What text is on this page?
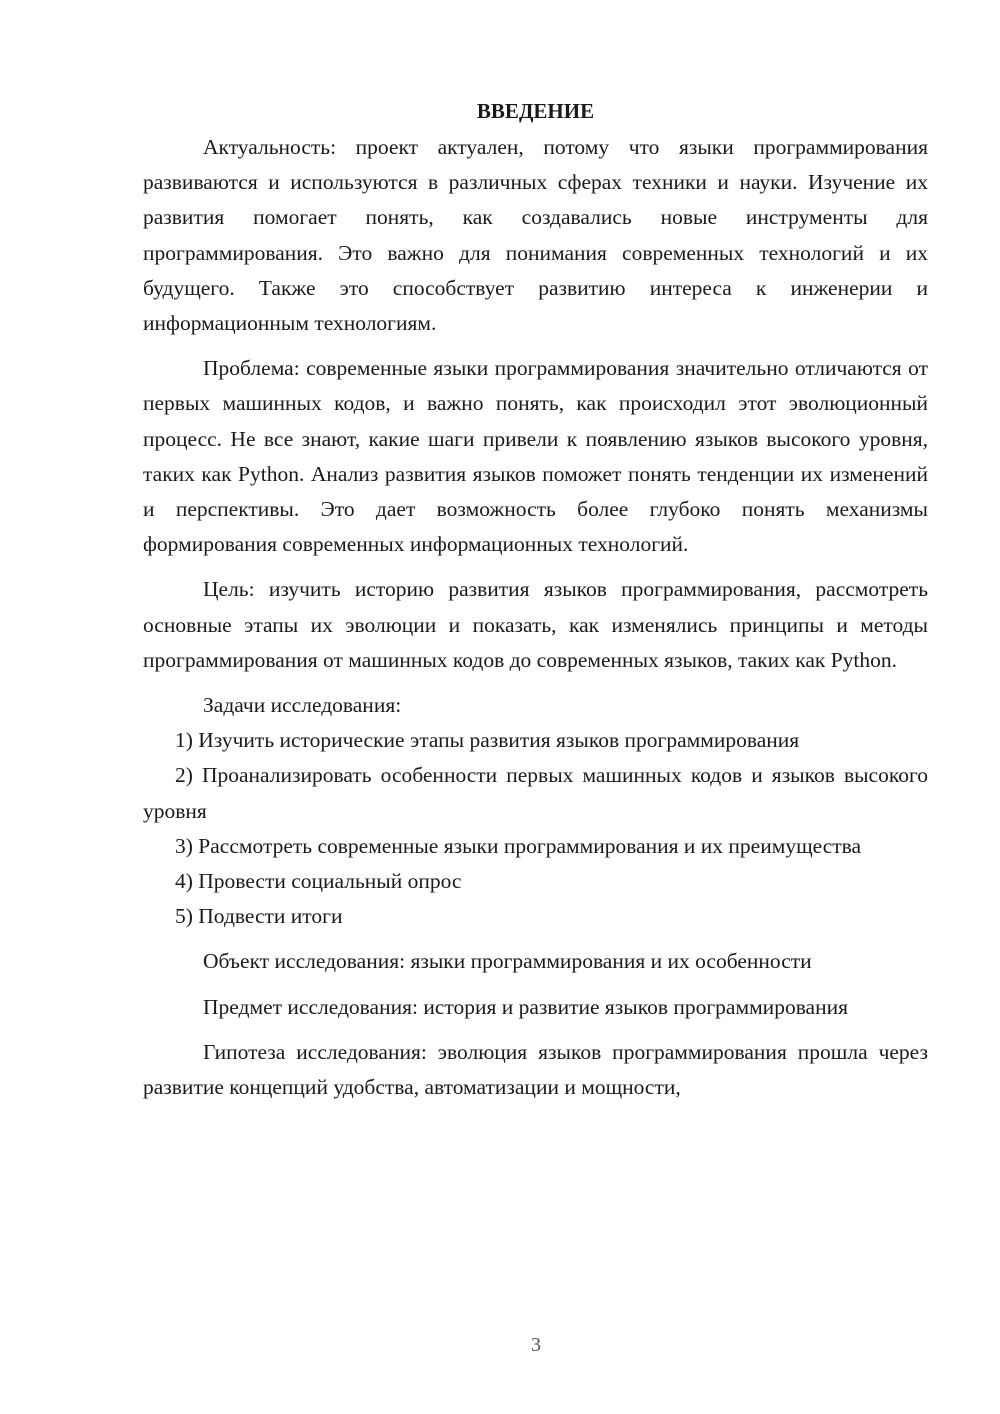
ВВЕДЕНИЕ

Актуальность: проект актуален, потому что языки программирования развиваются и используются в различных сферах техники и науки. Изучение их развития помогает понять, как создавались новые инструменты для программирования. Это важно для понимания современных технологий и их будущего. Также это способствует развитию интереса к инженерии и информационным технологиям.

Проблема: современные языки программирования значительно отличаются от первых машинных кодов, и важно понять, как происходил этот эволюционный процесс. Не все знают, какие шаги привели к появлению языков высокого уровня, таких как Python. Анализ развития языков поможет понять тенденции их изменений и перспективы. Это дает возможность более глубоко понять механизмы формирования современных информационных технологий.

Цель: изучить историю развития языков программирования, рассмотреть основные этапы их эволюции и показать, как изменялись принципы и методы программирования от машинных кодов до современных языков, таких как Python.

Задачи исследования:

1) Изучить исторические этапы развития языков программирования

2) Проанализировать особенности первых машинных кодов и языков высокого уровня

3) Рассмотреть современные языки программирования и их преимущества

4) Провести социальный опрос

5) Подвести итоги

Объект исследования: языки программирования и их особенности

Предмет исследования: история и развитие языков программирования

Гипотеза исследования: эволюция языков программирования прошла через развитие концепций удобства, автоматизации и мощности,

3
